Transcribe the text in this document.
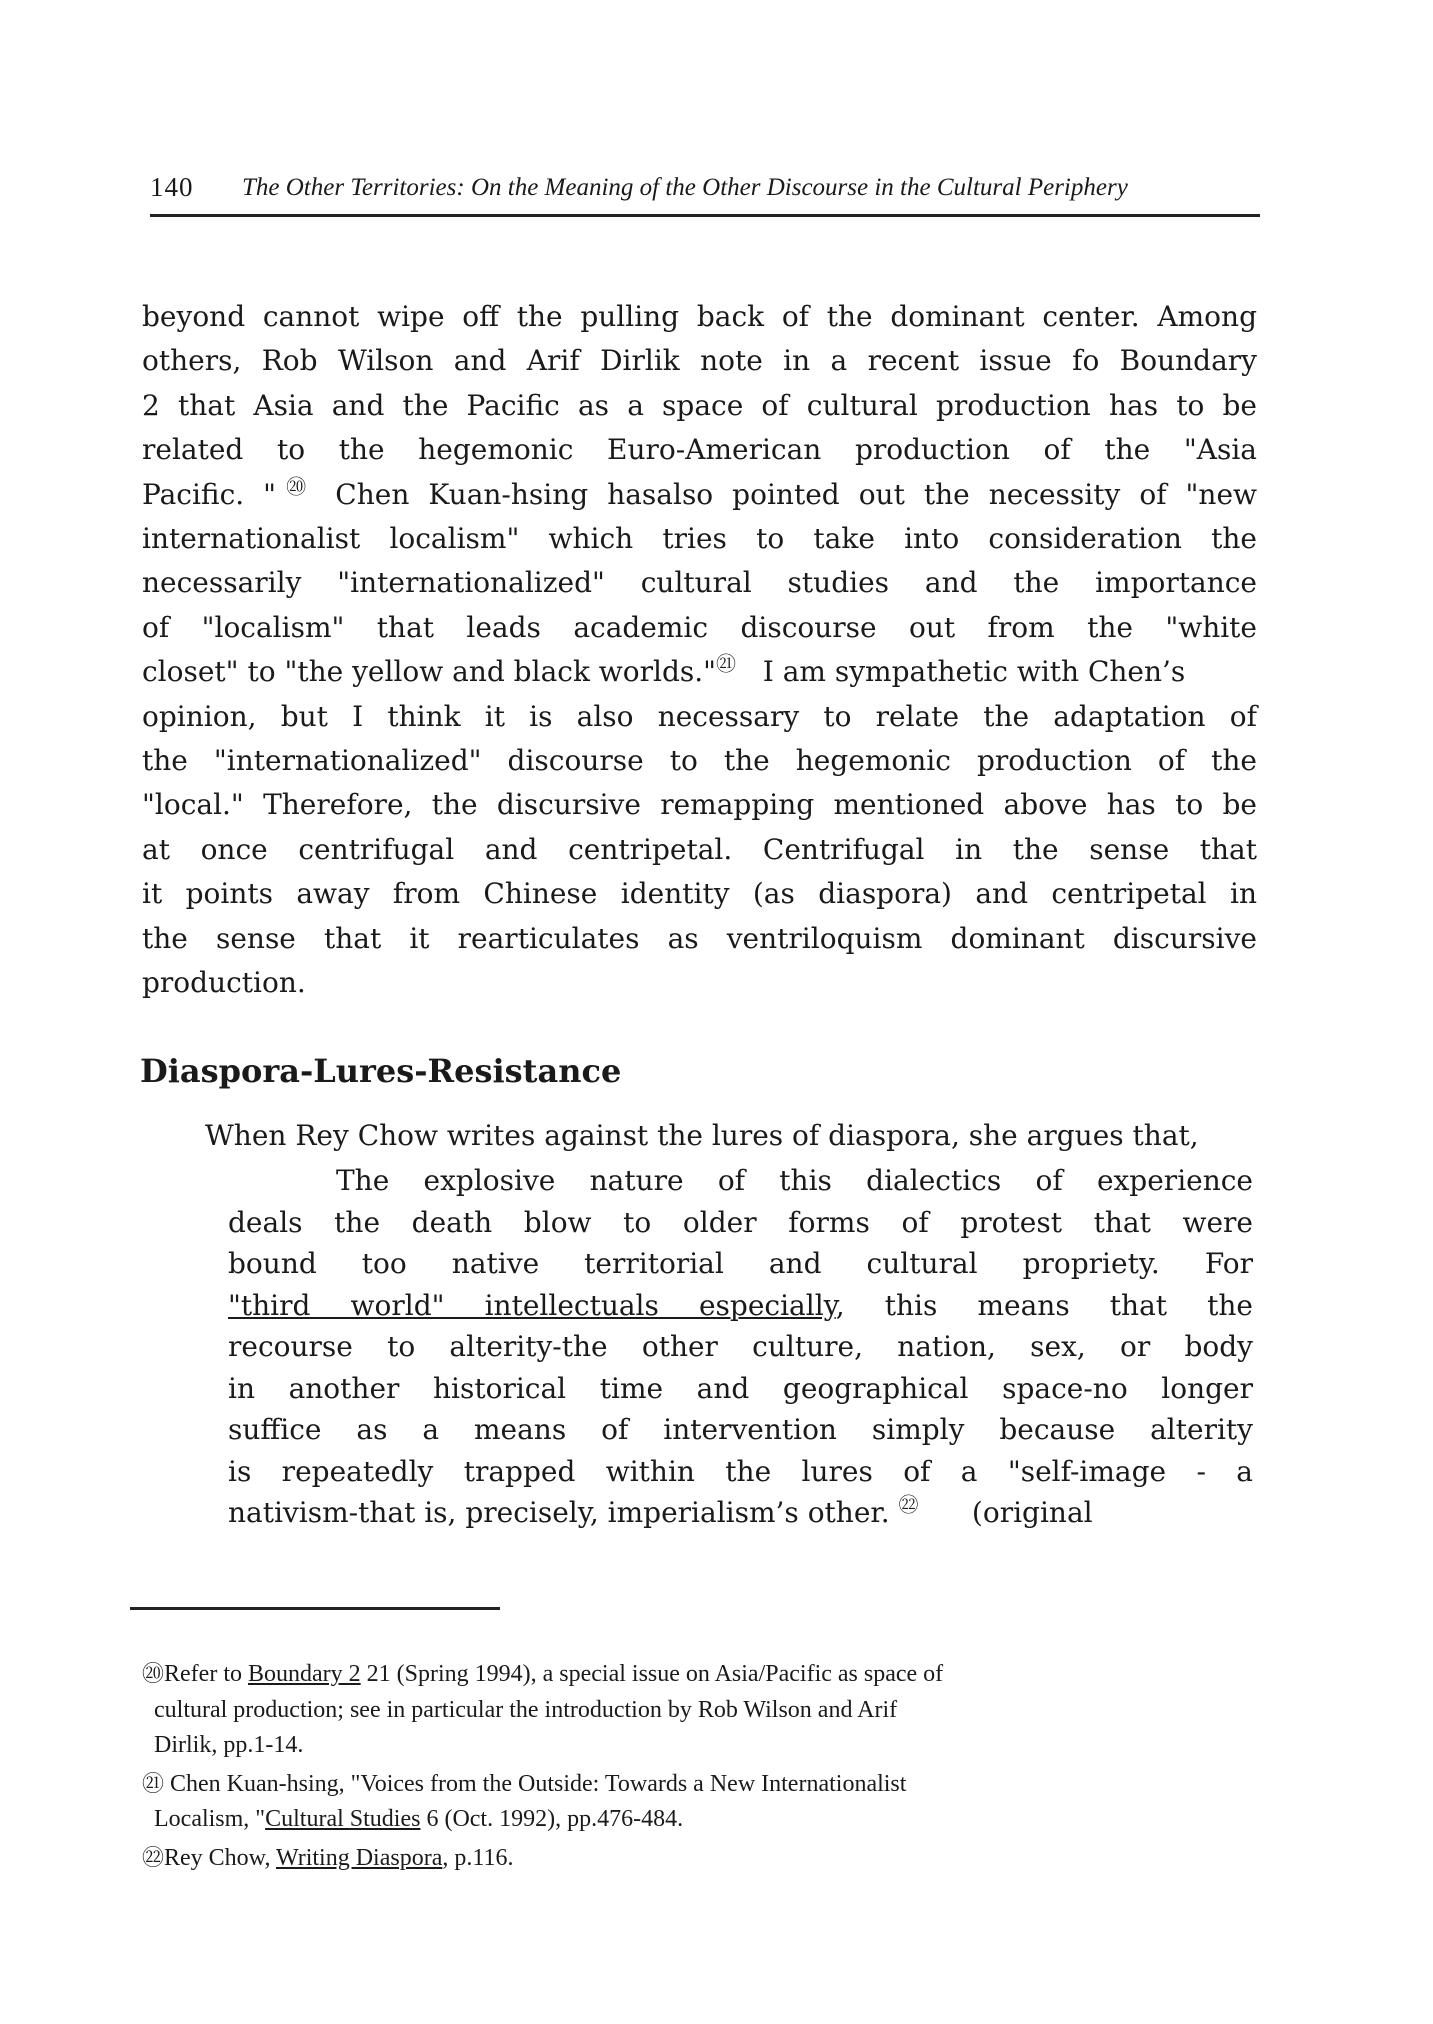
140 The Other Territories: On the Meaning of the Other Discourse in the Cultural Periphery
beyond cannot wipe off the pulling back of the dominant center. Among
others, Rob Wilson and Arif Dirlik note in a recent issue fo Boundary
2 that Asia and the Pacific as a space of cultural production has to be
related to the hegemonic Euro-American production of the "Asia
Pacific. "⑳ Chen Kuan-hsing hasalso pointed out the necessity of "new
internationalist localism" which tries to take into consideration the
necessarily "internationalized" cultural studies and the importance
of "localism" that leads academic discourse out from the "white
closet" to "the yellow and black worlds."$^㉑$   I am sympathetic with Chen’s
opinion, but I think it is also necessary to relate the adaptation of
the "internationalized" discourse to the hegemonic production of the
"local." Therefore, the discursive remapping mentioned above has to be
at once centrifugal and centripetal. Centrifugal in the sense that
it points away from Chinese identity (as diaspora) and centripetal in
the sense that it rearticulates as ventriloquism dominant discursive
production.
Diaspora-Lures-Resistance
When Rey Chow writes against the lures of diaspora, she argues that,
The explosive nature of this dialectics of experience
deals the death blow to older forms of protest that were
bound too native territorial and cultural propriety. For
"third world" intellectuals especially, this means that the
recourse to alterity-the other culture, nation, sex, or body
in another historical time and geographical space-no longer
suffice as a means of intervention simply because alterity
is repeatedly trapped within the lures of a "self-image - a
nativism-that is, precisely, imperialism’s other. $^㉒$      (original
⑳Refer to Boundary 2 21 (Spring 1994), a special issue on Asia/Pacific as space of
cultural production; see in particular the introduction by Rob Wilson and Arif
Dirlik, pp.1-14.
㉑ Chen Kuan-hsing, "Voices from the Outside: Towards a New Internationalist
Localism, "Cultural Studies 6 (Oct. 1992), pp.476-484.
㉒Rey Chow, Writing Diaspora, p.116.
